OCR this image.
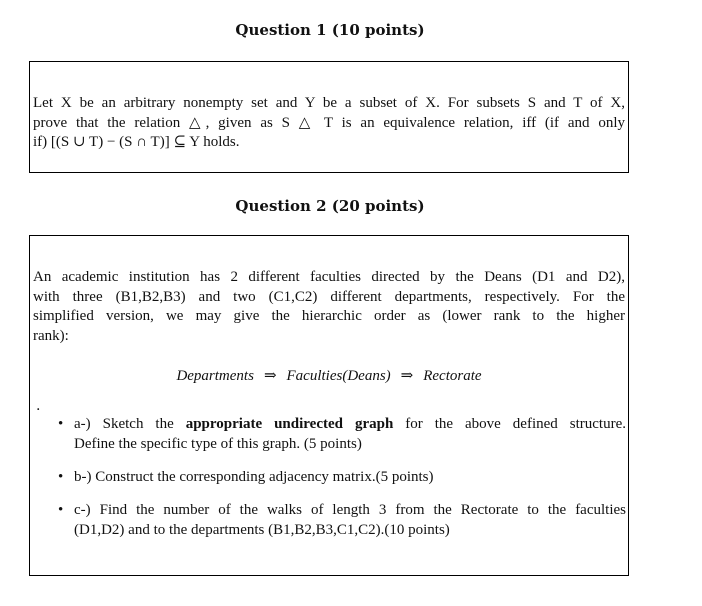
Question 1 (10 points)
Let X be an arbitrary nonempty set and Y be a subset of X. For subsets S and T of X,
prove that the relation △, given as S △ T is an equivalence relation, iff (if and only
if) [(S ∪ T) − (S ∩ T)] ⊆ Y holds.
Question 2 (20 points)
An academic institution has 2 different faculties directed by the Deans (D1 and D2),
with three (B1,B2,B3) and two (C1,C2) different departments, respectively. For the
simplified version, we may give the hierarchic order as (lower rank to the higher
rank):
Departments ⇒ Faculties(Deans) ⇒ Rectorate
.
• a-) Sketch the appropriate undirected graph for the above defined structure.
Define the specific type of this graph. (5 points)
• b-) Construct the corresponding adjacency matrix.(5 points)
• c-) Find the number of the walks of length 3 from the Rectorate to the faculties
(D1,D2) and to the departments (B1,B2,B3,C1,C2).(10 points)
